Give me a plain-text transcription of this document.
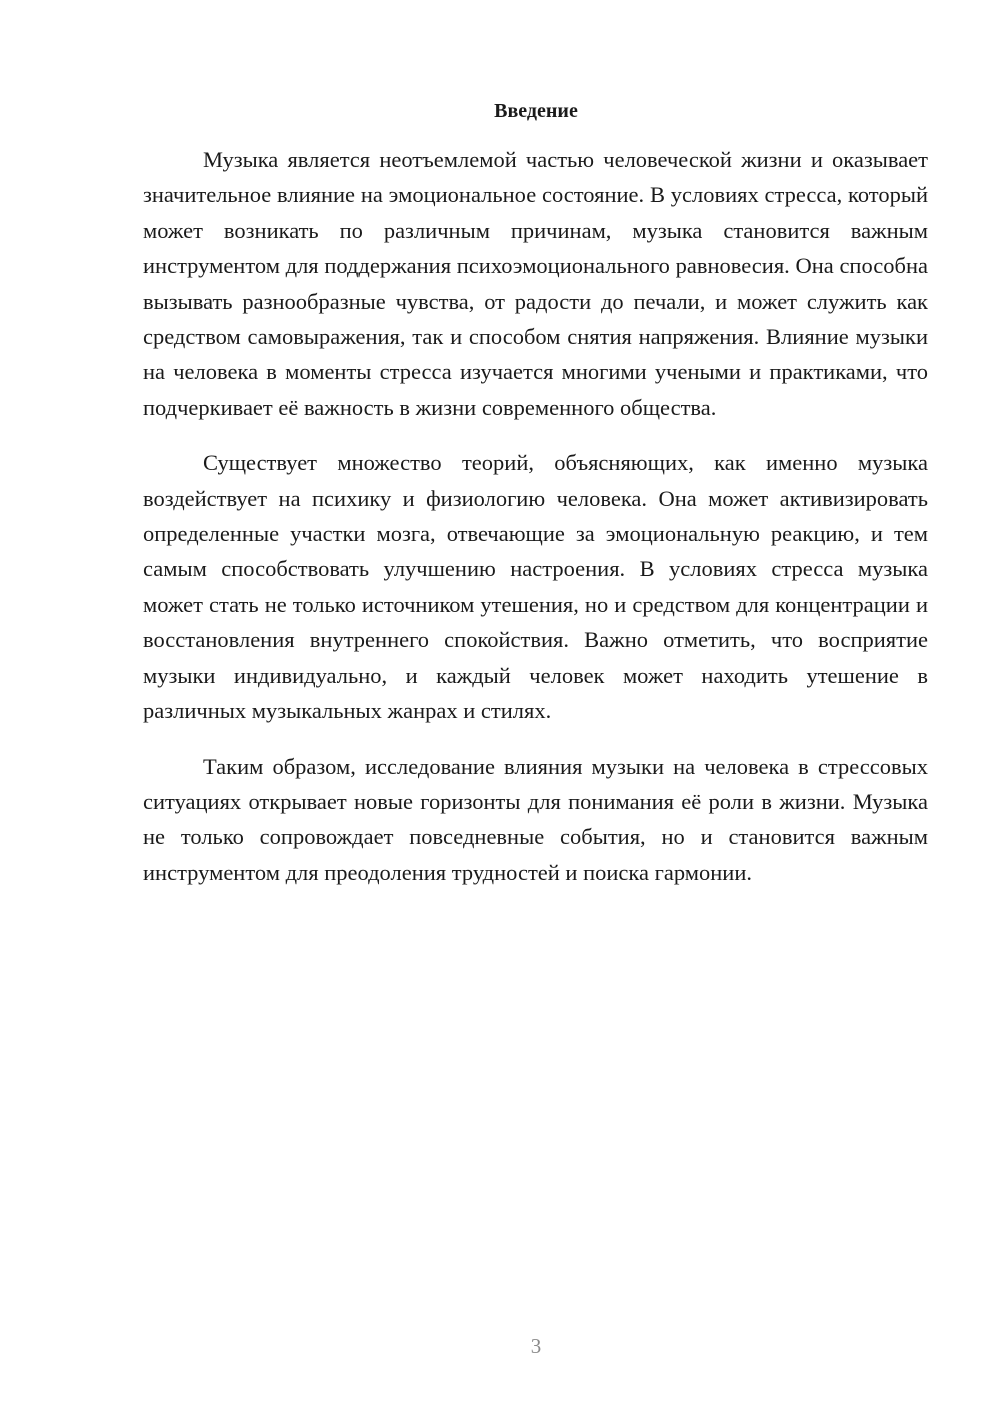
Введение

Музыка является неотъемлемой частью человеческой жизни и оказывает значительное влияние на эмоциональное состояние. В условиях стресса, который может возникать по различным причинам, музыка становится важным инструментом для поддержания психоэмоционального равновесия. Она способна вызывать разнообразные чувства, от радости до печали, и может служить как средством самовыражения, так и способом снятия напряжения. Влияние музыки на человека в моменты стресса изучается многими учеными и практиками, что подчеркивает её важность в жизни современного общества.

Существует множество теорий, объясняющих, как именно музыка воздействует на психику и физиологию человека. Она может активизировать определенные участки мозга, отвечающие за эмоциональную реакцию, и тем самым способствовать улучшению настроения. В условиях стресса музыка может стать не только источником утешения, но и средством для концентрации и восстановления внутреннего спокойствия. Важно отметить, что восприятие музыки индивидуально, и каждый человек может находить утешение в различных музыкальных жанрах и стилях.

Таким образом, исследование влияния музыки на человека в стрессовых ситуациях открывает новые горизонты для понимания её роли в жизни. Музыка не только сопровождает повседневные события, но и становится важным инструментом для преодоления трудностей и поиска гармонии.

3
